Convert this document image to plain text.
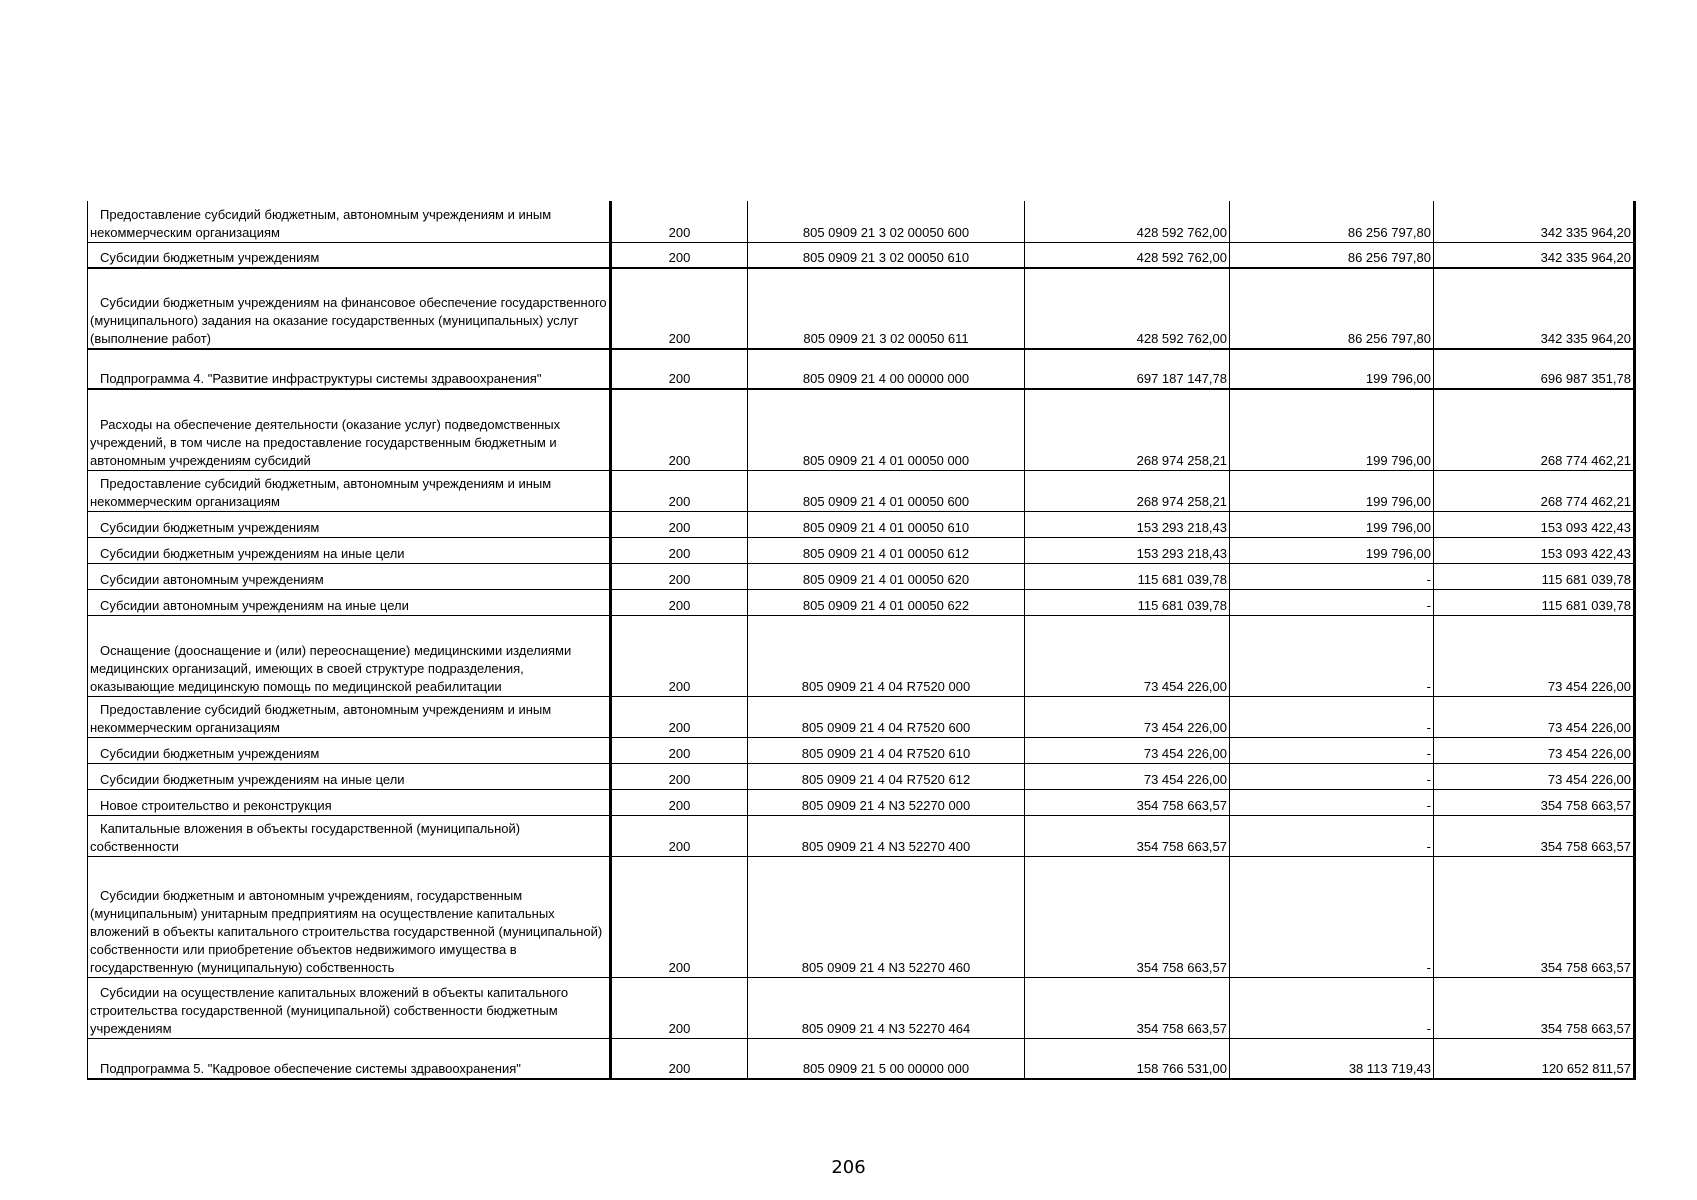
Предоставление субсидий бюджетным, автономным учреждениям и иным некоммерческим организациям	200	805 0909 21 3 02 00050 600	428 592 762,00	86 256 797,80	342 335 964,20

Субсидии бюджетным учреждениям	200	805 0909 21 3 02 00050 610	428 592 762,00	86 256 797,80	342 335 964,20

Субсидии бюджетным учреждениям на финансовое обеспечение государственного (муниципального) задания на оказание государственных (муниципальных) услуг (выполнение работ)	200	805 0909 21 3 02 00050 611	428 592 762,00	86 256 797,80	342 335 964,20

Подпрограмма 4. "Развитие инфраструктуры системы здравоохранения"	200	805 0909 21 4 00 00000 000	697 187 147,78	199 796,00	696 987 351,78

Расходы на обеспечение деятельности (оказание услуг) подведомственных учреждений, в том числе на предоставление государственным бюджетным и автономным учреждениям субсидий	200	805 0909 21 4 01 00050 000	268 974 258,21	199 796,00	268 774 462,21

Предоставление субсидий бюджетным, автономным учреждениям и иным некоммерческим организациям	200	805 0909 21 4 01 00050 600	268 974 258,21	199 796,00	268 774 462,21

Субсидии бюджетным учреждениям	200	805 0909 21 4 01 00050 610	153 293 218,43	199 796,00	153 093 422,43

Субсидии бюджетным учреждениям на иные цели	200	805 0909 21 4 01 00050 612	153 293 218,43	199 796,00	153 093 422,43

Субсидии автономным учреждениям	200	805 0909 21 4 01 00050 620	115 681 039,78	-	115 681 039,78

Субсидии автономным учреждениям на иные цели	200	805 0909 21 4 01 00050 622	115 681 039,78	-	115 681 039,78

Оснащение (дооснащение и (или) переоснащение) медицинскими изделиями медицинских организаций, имеющих в своей структуре подразделения, оказывающие медицинскую помощь по медицинской реабилитации	200	805 0909 21 4 04 R7520 000	73 454 226,00	-	73 454 226,00

Предоставление субсидий бюджетным, автономным учреждениям и иным некоммерческим организациям	200	805 0909 21 4 04 R7520 600	73 454 226,00	-	73 454 226,00

Субсидии бюджетным учреждениям	200	805 0909 21 4 04 R7520 610	73 454 226,00	-	73 454 226,00

Субсидии бюджетным учреждениям на иные цели	200	805 0909 21 4 04 R7520 612	73 454 226,00	-	73 454 226,00

Новое строительство и реконструкция	200	805 0909 21 4 N3 52270 000	354 758 663,57	-	354 758 663,57

Капитальные вложения в объекты государственной (муниципальной) собственности	200	805 0909 21 4 N3 52270 400	354 758 663,57	-	354 758 663,57

Субсидии бюджетным и автономным учреждениям, государственным (муниципальным) унитарным предприятиям на осуществление капитальных вложений в объекты капитального строительства государственной (муниципальной) собственности или приобретение объектов недвижимого имущества в государственную (муниципальную) собственность	200	805 0909 21 4 N3 52270 460	354 758 663,57	-	354 758 663,57

Субсидии на осуществление капитальных вложений в объекты капитального строительства государственной (муниципальной) собственности бюджетным учреждениям	200	805 0909 21 4 N3 52270 464	354 758 663,57	-	354 758 663,57

Подпрограмма 5. "Кадровое обеспечение системы здравоохранения"	200	805 0909 21 5 00 00000 000	158 766 531,00	38 113 719,43	120 652 811,57
206
